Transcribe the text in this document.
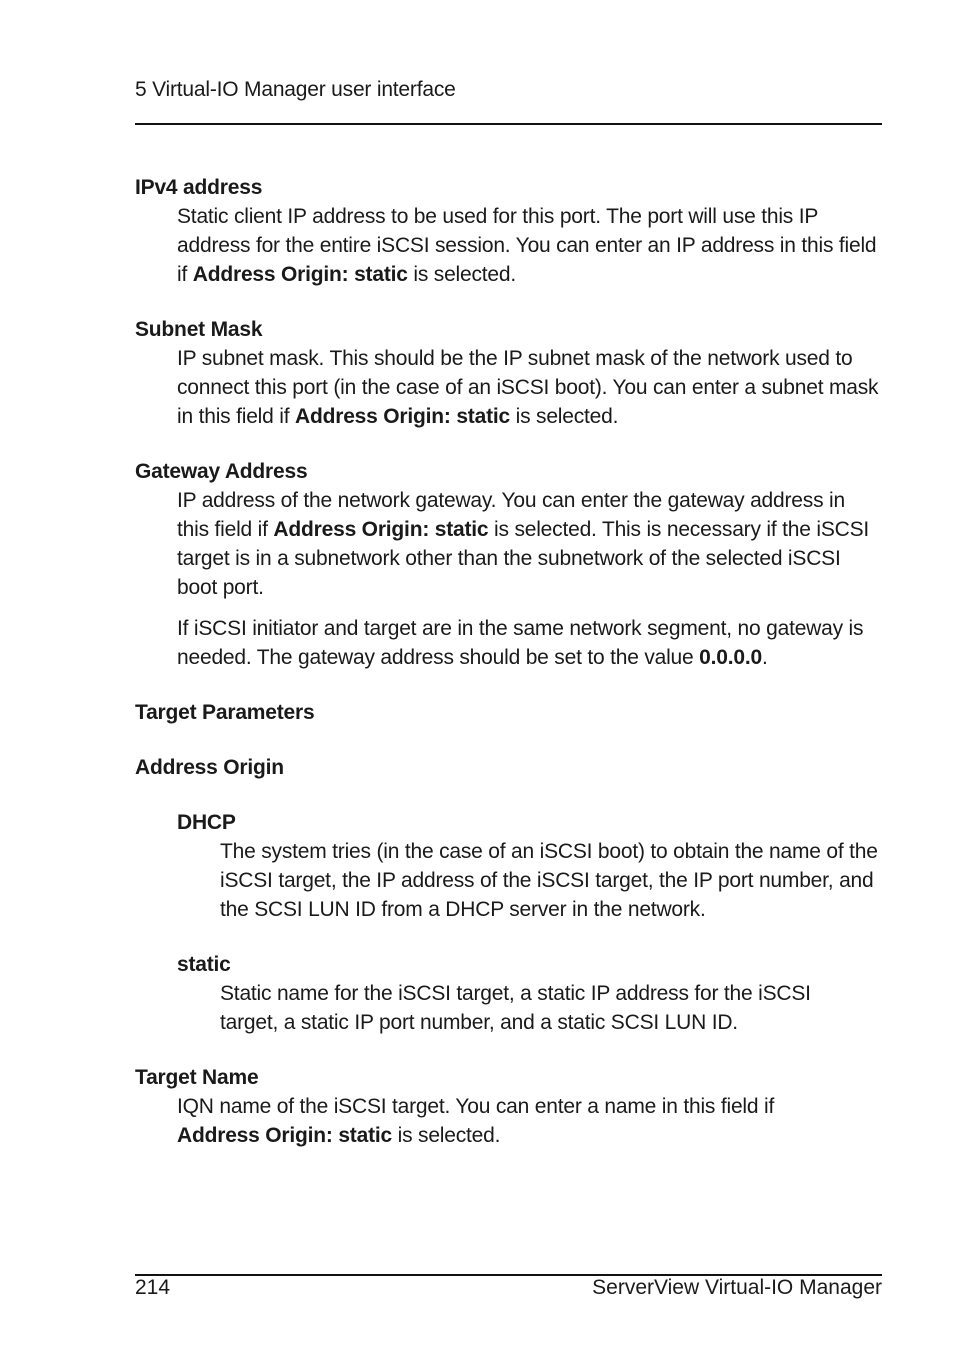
5 Virtual-IO Manager user interface

IPv4 address

Static client IP address to be used for this port. The port will use this IP address for the entire iSCSI session. You can enter an IP address in this field if Address Origin: static is selected.

Subnet Mask

IP subnet mask. This should be the IP subnet mask of the network used to connect this port (in the case of an iSCSI boot). You can enter a subnet mask in this field if Address Origin: static is selected.

Gateway Address

IP address of the network gateway. You can enter the gateway address in this field if Address Origin: static is selected. This is necessary if the iSCSI target is in a subnetwork other than the subnetwork of the selected iSCSI boot port.

If iSCSI initiator and target are in the same network segment, no gateway is needed. The gateway address should be set to the value 0.0.0.0.

Target Parameters

Address Origin

DHCP

The system tries (in the case of an iSCSI boot) to obtain the name of the iSCSI target, the IP address of the iSCSI target, the IP port number, and the SCSI LUN ID from a DHCP server in the network.

static

Static name for the iSCSI target, a static IP address for the iSCSI target, a static IP port number, and a static SCSI LUN ID.

Target Name

IQN name of the iSCSI target. You can enter a name in this field if Address Origin: static is selected.

214	ServerView Virtual-IO Manager
